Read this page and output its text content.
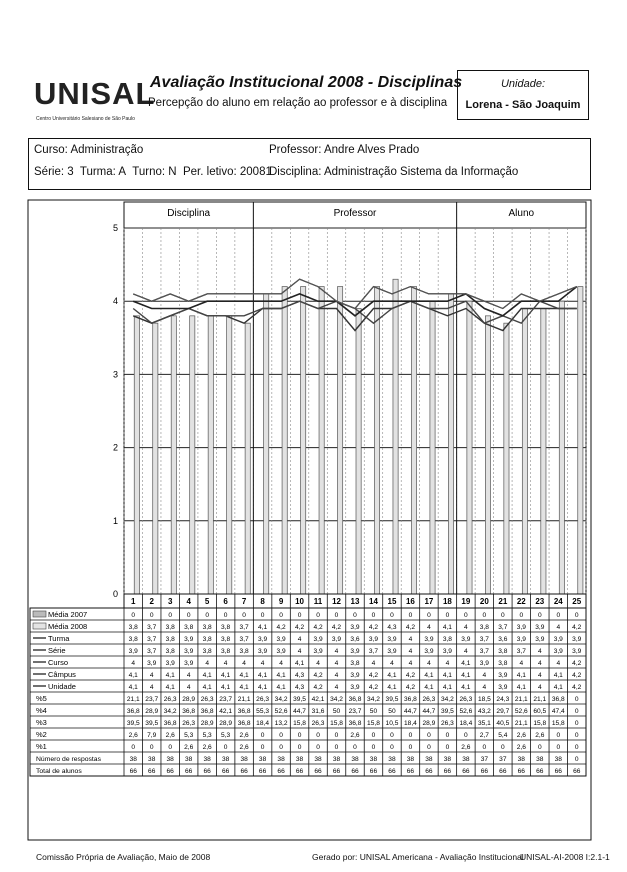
UNISAL
Centro Universitário Salesiano de São Paulo
Avaliação Institucional 2008 - Disciplinas
Percepção do aluno em relação ao professor e à disciplina
Unidade:
Lorena - São Joaquim
Curso: Administração
Série: 3 Turma: A Turno: N Per. letivo: 20081
Professor: Andre Alves Prado
Disciplina: Administração Sistema da Informação
Disciplina	Professor	Aluno
0
1
2
3
4
5
1 2 3 4 5 6 7 8 9 10 11 12 13 14 15 16 17 18 19 20 21 22 23 24 25
Média 2007	0 0 0 0 0 0 0 0 0 0 0 0 0 0 0 0 0 0 0 0 0 0 0 0 0
Média 2008	3,8 3,7 3,8 3,8 3,8 3,8 3,7 4,1 4,2 4,2 4,2 4,2 3,9 4,2 4,3 4,2 4 4,1 4 3,8 3,7 3,9 3,9 4 4,2
Turma	3,8 3,7 3,8 3,9 3,8 3,8 3,7 3,9 3,9 4 3,9 3,9 3,6 3,9 3,9 4 3,9 3,8 3,9 3,7 3,6 3,9 3,9 3,9 3,9
Série	3,9 3,7 3,8 3,9 3,8 3,8 3,8 3,9 3,9 4 3,9 4 3,9 3,7 3,9 4 3,9 3,9 4 3,7 3,8 3,7 4 3,9 3,9
Curso	4 3,9 3,9 3,9 4 4 4 4 4 4,1 4 4 3,8 4 4 4 4 4 4,1 3,9 3,8 4 4 4 4,2
Câmpus	4,1 4 4,1 4 4,1 4,1 4,1 4,1 4,1 4,3 4,2 4 3,9 4,2 4,1 4,2 4,1 4,1 4,1 4 3,9 4,1 4 4,1 4,2
Unidade	4,1 4 4,1 4 4,1 4,1 4,1 4,1 4,1 4,3 4,2 4 3,9 4,2 4,1 4,2 4,1 4,1 4,1 4 3,9 4,1 4 4,1 4,2
%5	21,1 23,7 26,3 28,9 26,3 23,7 21,1 26,3 34,2 39,5 42,1 34,2 36,8 34,2 39,5 36,8 26,3 34,2 26,3 18,5 24,3 21,1 21,1 36,8 0
%4	36,8 28,9 34,2 36,8 36,8 42,1 36,8 55,3 52,6 44,7 31,6 50 23,7 50 50 44,7 44,7 39,5 52,6 43,2 29,7 52,6 60,5 47,4 0
%3	39,5 39,5 36,8 26,3 28,9 28,9 36,8 18,4 13,2 15,8 26,3 15,8 36,8 15,8 10,5 18,4 28,9 26,3 18,4 35,1 40,5 21,1 15,8 15,8 0
%2	2,6 7,9 2,6 5,3 5,3 5,3 2,6 0 0 0 0 0 2,6 0 0 0 0 0 0 2,7 5,4 2,6 2,6 0 0
%1	0 0 0 2,6 2,6 0 2,6 0 0 0 0 0 0 0 0 0 0 0 2,6 0 0 2,6 0 0 0
Número de respostas	38 38 38 38 38 38 38 38 38 38 38 38 38 38 38 38 38 38 38 37 37 38 38 38 0
Total de alunos	66 66 66 66 66 66 66 66 66 66 66 66 66 66 66 66 66 66 66 66 66 66 66 66 66
Comissão Própria de Avaliação, Maio de 2008	Gerado por: UNISAL Americana - Avaliação Institucional
UNISAL-AI-2008 I:2.1-1
